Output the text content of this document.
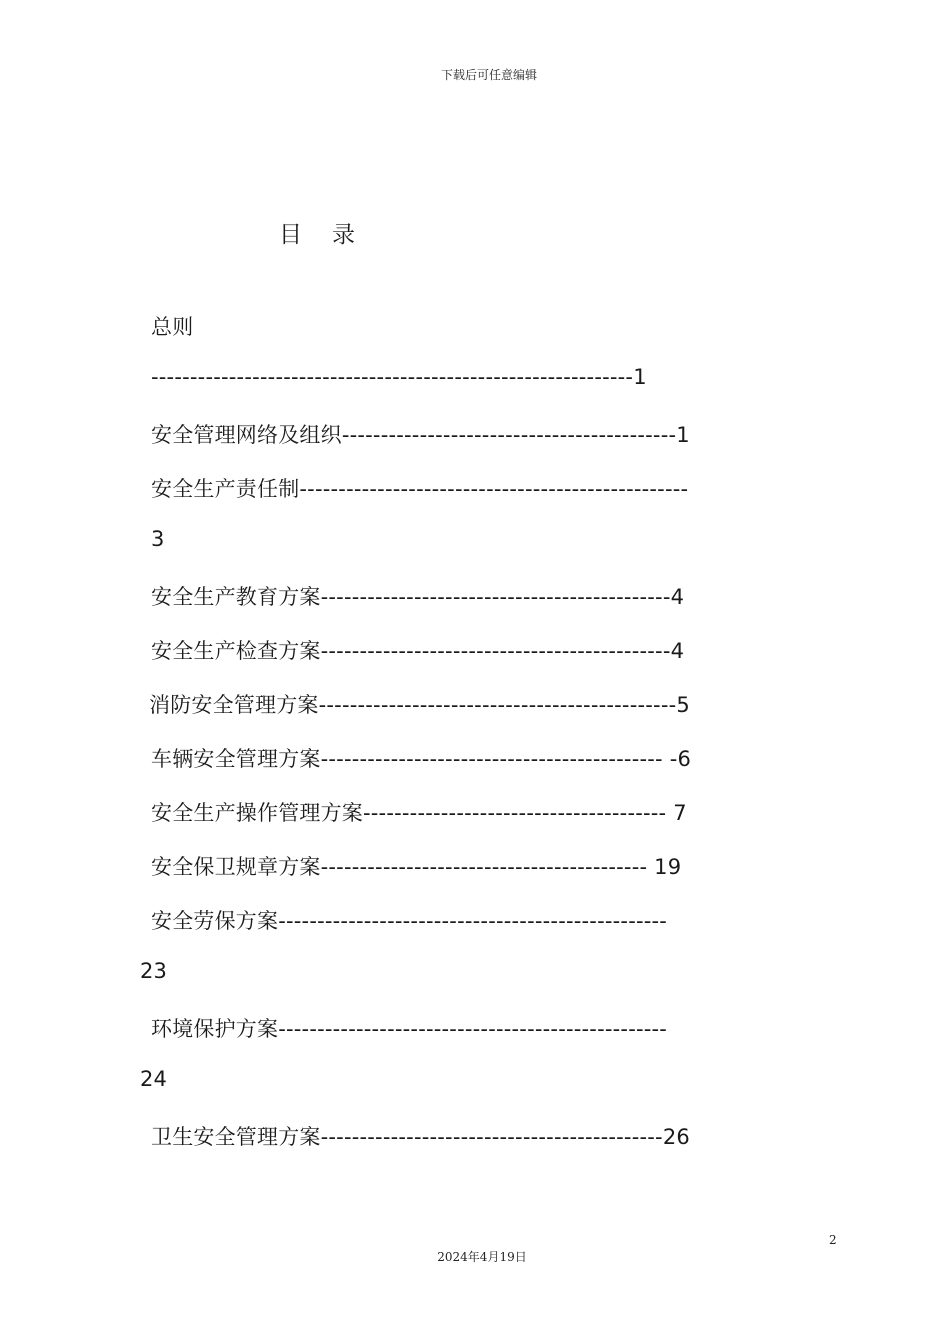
下载后可任意编辑
目 录
总则
--------------------------------------------------------------1
安全管理网络及组织-------------------------------------------1
安全生产责任制--------------------------------------------------
3
安全生产教育方案---------------------------------------------4
安全生产检查方案---------------------------------------------4
消防安全管理方案----------------------------------------------5
车辆安全管理方案-------------------------------------------- -6
安全生产操作管理方案--------------------------------------- 7
安全保卫规章方案------------------------------------------ 19
安全劳保方案--------------------------------------------------
23
环境保护方案--------------------------------------------------
24
卫生安全管理方案--------------------------------------------26
2
2024年4月19日
